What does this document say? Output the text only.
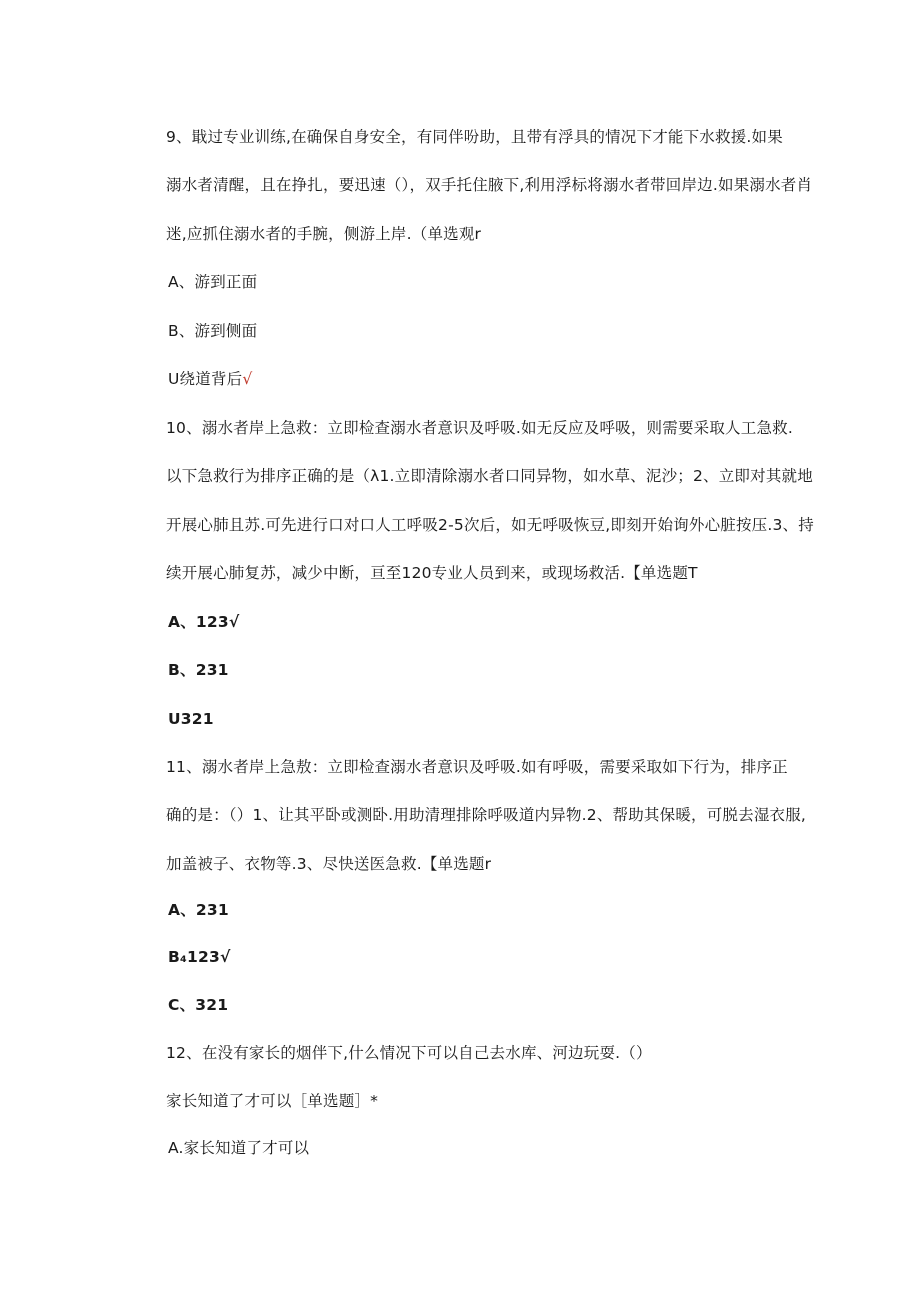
9、戢过专业训练,在确保自身安全，有同伴吩助，且带有浮具的情况下才能下水救援.如果
溺水者清醒，且在挣扎，要迅速（），双手托住腋下,利用浮标将溺水者带回岸边.如果溺水者肖
迷,应抓住溺水者的手腕，侧游上岸.（单选观r
A、游到正面
B、游到侧面
U绕道背后√
10、溺水者岸上急救：立即检查溺水者意识及呼吸.如无反应及呼吸，则需要采取人工急救.
以下急救行为排序正确的是（λ1.立即清除溺水者口同异物，如水草、泥沙；2、立即对其就地
开展心肺且苏.可先进行口对口人工呼吸2-5次后，如无呼吸恢豆,即刻开始询外心脏按压.3、持
续开展心肺复苏，减少中断，亘至120专业人员到来，或现场救活.【单选题T
A、123√
B、231
U321
11、溺水者岸上急敖：立即检查溺水者意识及呼吸.如有呼吸，需要采取如下行为，排序正
确的是：（）1、让其平卧或测卧.用助清理排除呼吸道内异物.2、帮助其保暖，可脱去湿衣服,
加盖被子、衣物等.3、尽快送医急救.【单选题r
A、231
B₄123√
C、321
12、在没有家长的烟伴下,什么情况下可以自己去水库、河边玩耍.（）
家长知道了才可以［单选题］*
A.家长知道了才可以
